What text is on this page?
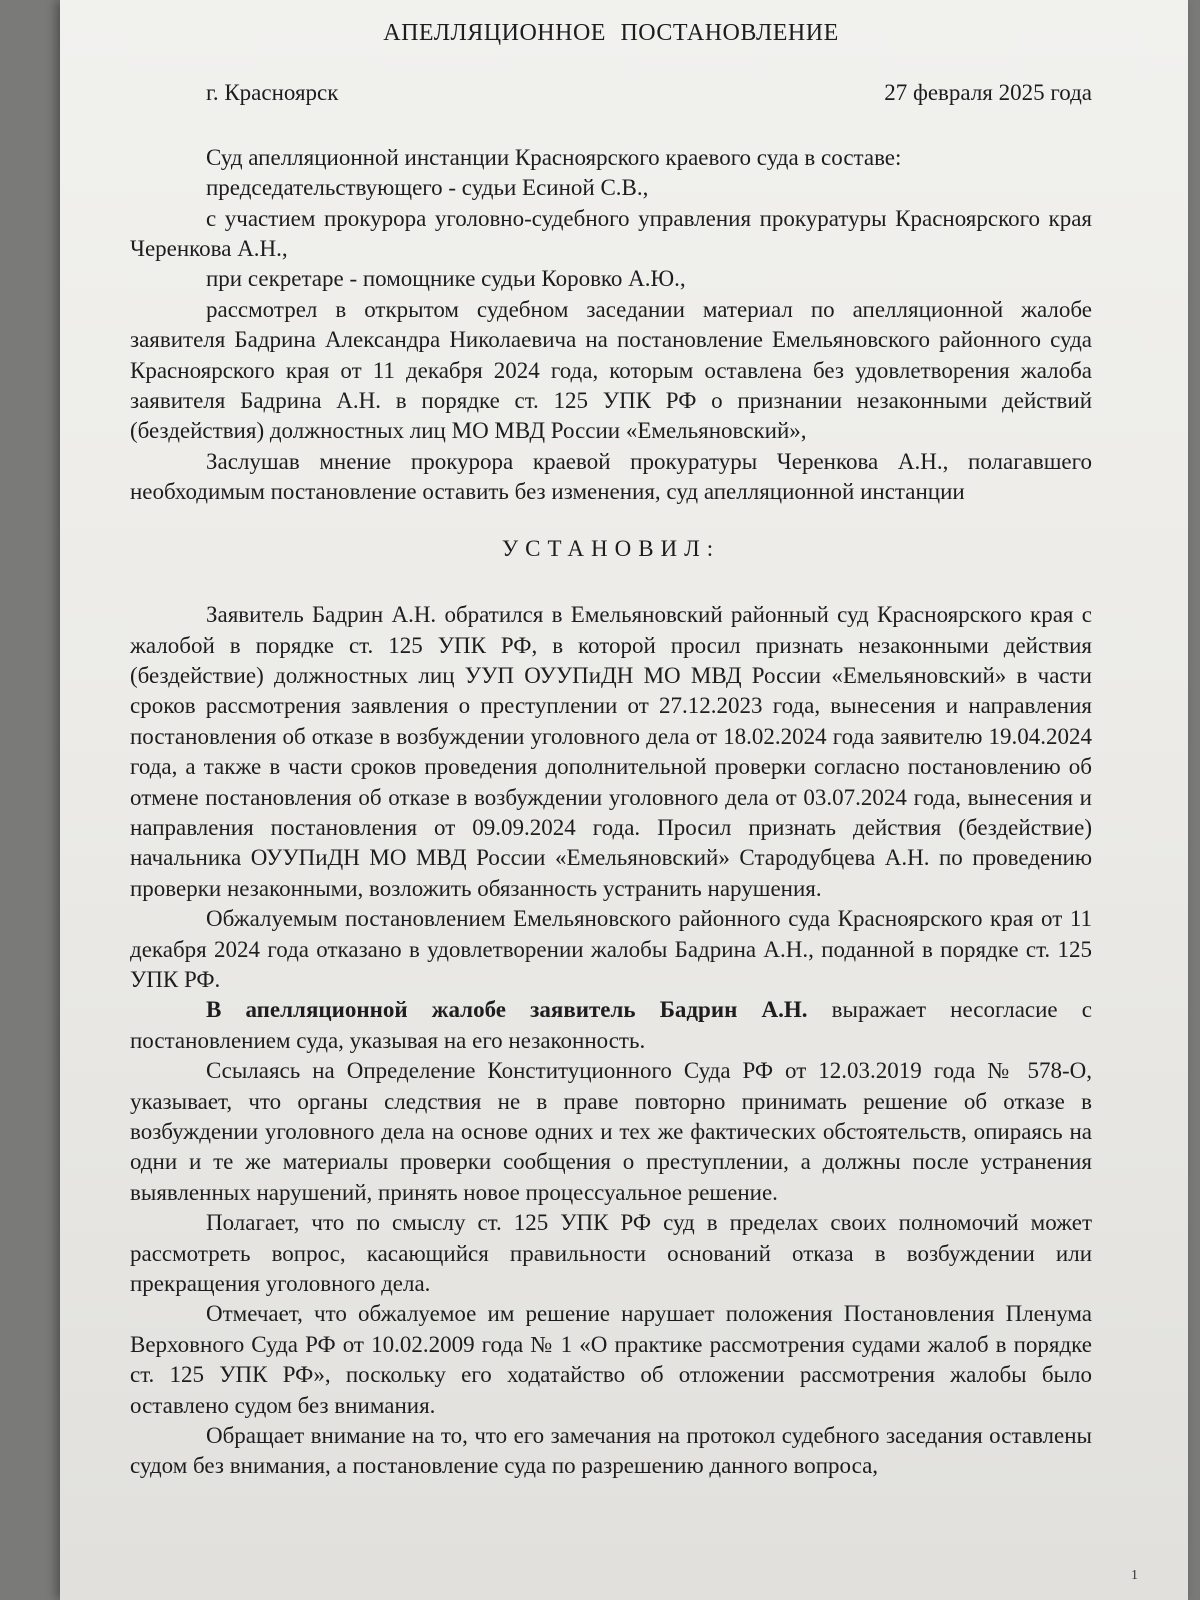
АПЕЛЛЯЦИОННОЕ ПОСТАНОВЛЕНИЕ
г. Красноярск	27 февраля 2025 года

Суд апелляционной инстанции Красноярского краевого суда в составе:

председательствующего - судьи Есиной С.В.,

с участием прокурора уголовно-судебного управления прокуратуры Красноярского края Черенкова А.Н.,

при секретаре - помощнике судьи Коровко А.Ю.,

рассмотрел в открытом судебном заседании материал по апелляционной жалобе заявителя Бадрина Александра Николаевича на постановление Емельяновского районного суда Красноярского края от 11 декабря 2024 года, которым оставлена без удовлетворения жалоба заявителя Бадрина А.Н. в порядке ст. 125 УПК РФ о признании незаконными действий (бездействия) должностных лиц МО МВД России «Емельяновский»,

Заслушав мнение прокурора краевой прокуратуры Черенкова А.Н., полагавшего необходимым постановление оставить без изменения, суд апелляционной инстанции

УСТАНОВИЛ:

Заявитель Бадрин А.Н. обратился в Емельяновский районный суд Красноярского края с жалобой в порядке ст. 125 УПК РФ, в которой просил признать незаконными действия (бездействие) должностных лиц УУП ОУУПиДН МО МВД России «Емельяновский» в части сроков рассмотрения заявления о преступлении от 27.12.2023 года, вынесения и направления постановления об отказе в возбуждении уголовного дела от 18.02.2024 года заявителю 19.04.2024 года, а также в части сроков проведения дополнительной проверки согласно постановлению об отмене постановления об отказе в возбуждении уголовного дела от 03.07.2024 года, вынесения и направления постановления от 09.09.2024 года. Просил признать действия (бездействие) начальника ОУУПиДН МО МВД России «Емельяновский» Стародубцева А.Н. по проведению проверки незаконными, возложить обязанность устранить нарушения.

Обжалуемым постановлением Емельяновского районного суда Красноярского края от 11 декабря 2024 года отказано в удовлетворении жалобы Бадрина А.Н., поданной в порядке ст. 125 УПК РФ.

В апелляционной жалобе заявитель Бадрин А.Н. выражает несогласие с постановлением суда, указывая на его незаконность.

Ссылаясь на Определение Конституционного Суда РФ от 12.03.2019 года № 578-О, указывает, что органы следствия не в праве повторно принимать решение об отказе в возбуждении уголовного дела на основе одних и тех же фактических обстоятельств, опираясь на одни и те же материалы проверки сообщения о преступлении, а должны после устранения выявленных нарушений, принять новое процессуальное решение.

Полагает, что по смыслу ст. 125 УПК РФ суд в пределах своих полномочий может рассмотреть вопрос, касающийся правильности оснований отказа в возбуждении или прекращения уголовного дела.

Отмечает, что обжалуемое им решение нарушает положения Постановления Пленума Верховного Суда РФ от 10.02.2009 года № 1 «О практике рассмотрения судами жалоб в порядке ст. 125 УПК РФ», поскольку его ходатайство об отложении рассмотрения жалобы было оставлено судом без внимания.

Обращает внимание на то, что его замечания на протокол судебного заседания оставлены судом без внимания, а постановление суда по разрешению данного вопроса,

1
